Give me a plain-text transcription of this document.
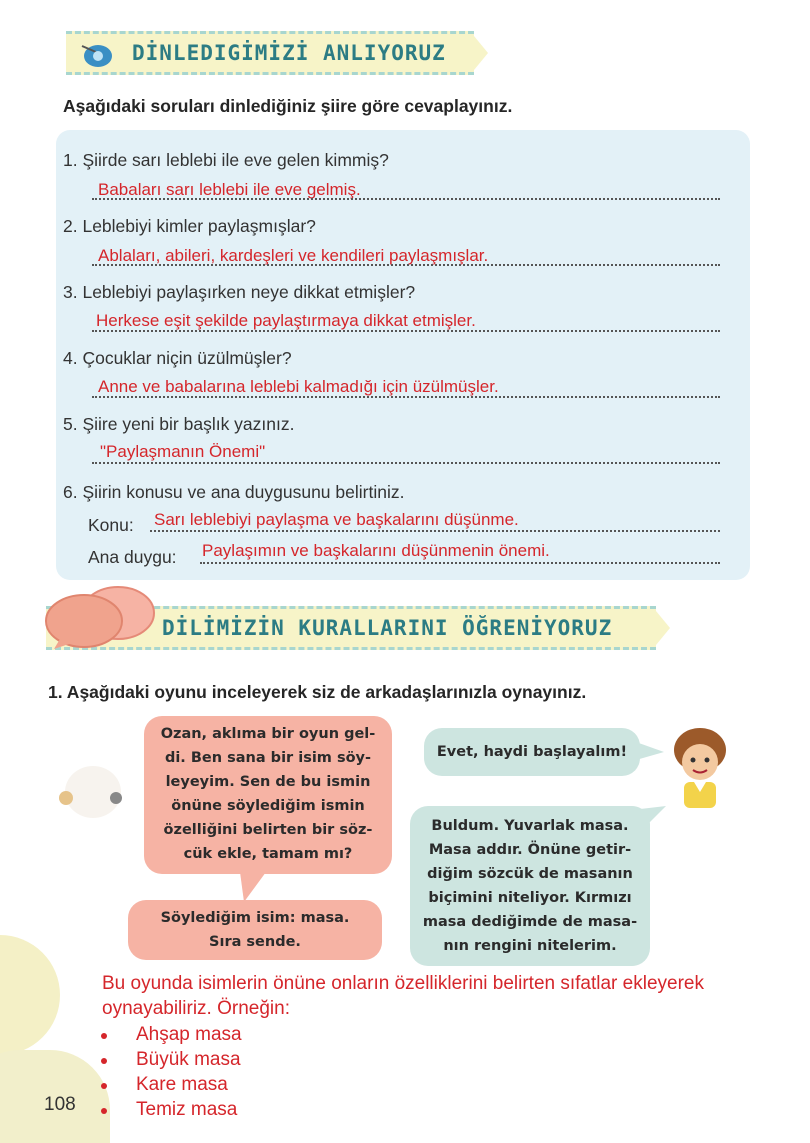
DİNLEDIGİMİZİ ANLIYORUZ
Aşağıdaki soruları dinlediğiniz şiire göre cevaplayınız.
1. Şiirde sarı leblebi ile eve gelen kimmiş?
Babaları sarı leblebi ile eve gelmiş.
2. Leblebiyi kimler paylaşmışlar?
Ablaları, abileri, kardeşleri ve kendileri paylaşmışlar.
3. Leblebiyi paylaşırken neye dikkat etmişler?
Herkese eşit şekilde paylaştırmaya dikkat etmişler.
4. Çocuklar niçin üzülmüşler?
Anne ve babalarına leblebi kalmadığı için üzülmüşler.
5. Şiire yeni bir başlık yazınız.
"Paylaşmanın Önemi"
6. Şiirin konusu ve ana duygusunu belirtiniz.
Konu: Sarı leblebiyi paylaşma ve başkalarını düşünme.
Ana duygu: Paylaşımın ve başkalarını düşünmenin önemi.
DİLİMİZİN KURALLARINI ÖĞRENİYORUZ
1. Aşağıdaki oyunu inceleyerek siz de arkadaşlarınızla oynayınız.
Ozan, aklıma bir oyun gel-
di. Ben sana bir isim söy-
leyeyim. Sen de bu ismin
önüne söylediğim ismin
özelliğini belirten bir söz-
cük ekle, tamam mı?
Söylediğim isim: masa.
Sıra sende.
Evet, haydi başlayalım!
Buldum. Yuvarlak masa.
Masa addır. Önüne getir-
diğim sözcük de masanın
biçimini niteliyor. Kırmızı
masa dediğimde de masa-
nın rengini nitelerim.
Bu oyunda isimlerin önüne onların özelliklerini belirten sıfatlar ekleyerek
oynayabiliriz. Örneğin:
Ahşap masa
Büyük masa
Kare masa
Temiz masa
108
